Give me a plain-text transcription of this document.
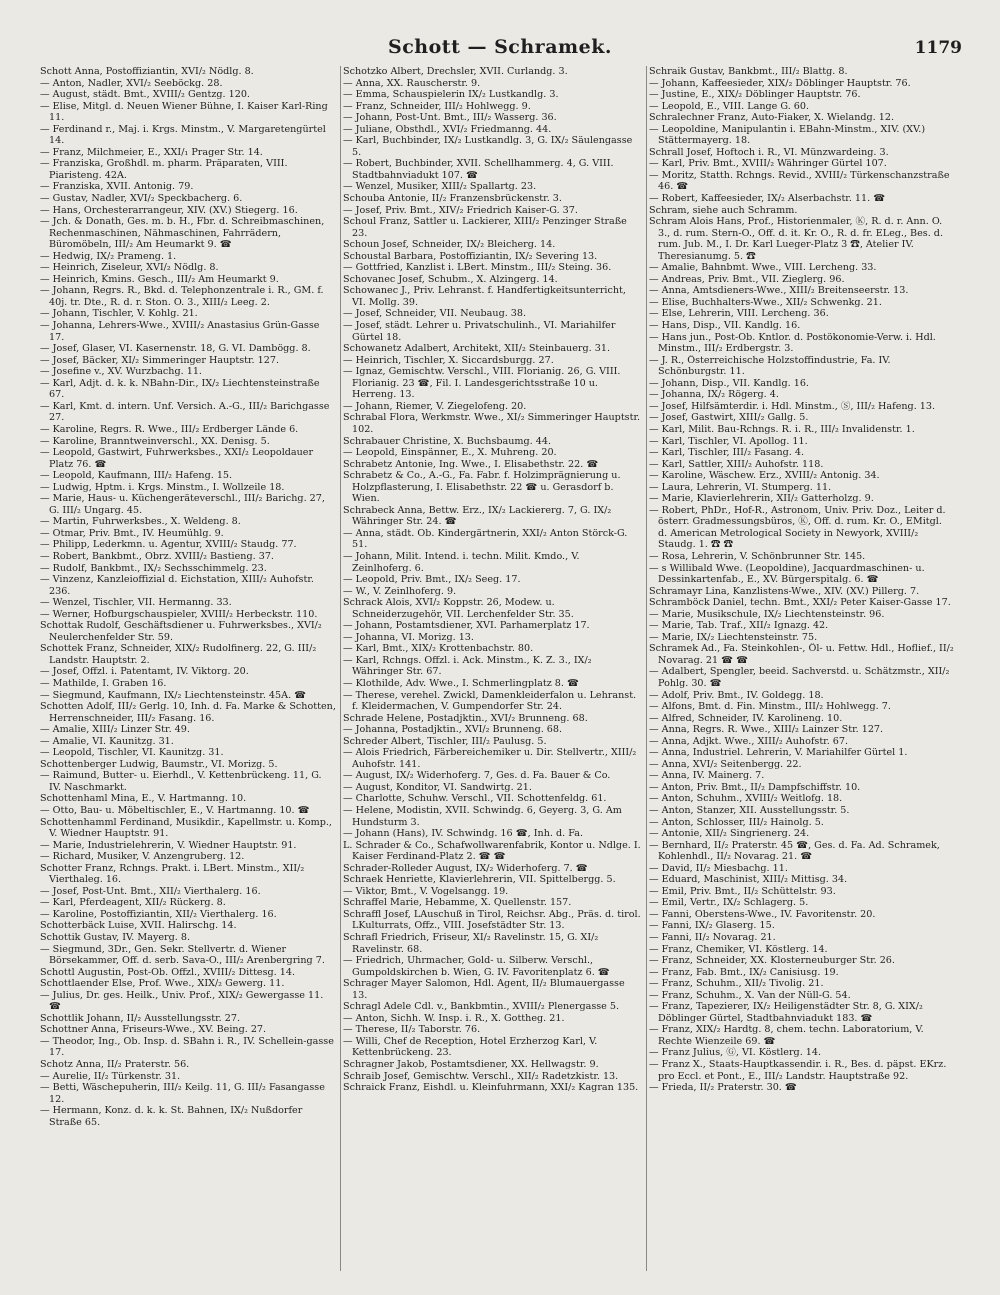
Schott — Schramek.	1179

Schott Anna, Postoffiziantin, XVI/₂ Nödlg. 8.

— Anton, Nadler, XVI/₂ Seeböckg. 28.

— August, städt. Bmt., XVIII/₂ Gentzg. 120.

— Elise, Mitgl. d. Neuen Wiener Bühne, I. Kaiser Karl-Ring 11.

— Ferdinand r., Maj. i. Krgs. Minstm., V. Margaretengürtel 14.

— Franz, Milchmeier, E., XXI/₁ Prager Str. 14.

— Franziska, Großhdl. m. pharm. Präparaten, VIII. Piaristeng. 42A.

— Franziska, XVII. Antonig. 79.

— Gustav, Nadler, XVI/₂ Speckbacherg. 6.

— Hans, Orchesterarrangeur, XIV. (XV.) Stiegerg. 16.

— Jch. & Donath, Ges. m. b. H., Fbr. d. Schreibmaschinen, Rechenmaschinen, Nähmaschinen, Fahrrädern, Büromöbeln, III/₂ Am Heumarkt 9. ☎

— Hedwig, IX/₂ Prameng. 1.

— Heinrich, Ziseleur, XVI/₂ Nödlg. 8.

— Heinrich, Kmins. Gesch., III/₂ Am Heumarkt 9.

— Johann, Regrs. R., Bkd. d. Telephonzentrale i. R., GM. f. 40j. tr. Dte., R. d. r. Ston. O. 3., XIII/₂ Leeg. 2.

— Johann, Tischler, V. Kohlg. 21.

— Johanna, Lehrers-Wwe., XVIII/₂ Anastasius Grün-Gasse 17.

— Josef, Glaser, VI. Kasernenstr. 18, G. VI. Dambögg. 8.

— Josef, Bäcker, XI/₂ Simmeringer Hauptstr. 127.

— Josefine v., XV. Wurzbachg. 11.

— Karl, Adjt. d. k. k. NBahn-Dir., IX/₂ Liechtensteinstraße 67.

— Karl, Kmt. d. intern. Unf. Versich. A.-G., III/₂ Barichgasse 27.

— Karoline, Regrs. R. Wwe., III/₂ Erdberger Lände 6.

— Karoline, Branntweinverschl., XX. Denisg. 5.

— Leopold, Gastwirt, Fuhrwerksbes., XXI/₂ Leopoldauer Platz 76. ☎

— Leopold, Kaufmann, III/₂ Hafeng. 15.

— Ludwig, Hptm. i. Krgs. Minstm., I. Wollzeile 18.

— Marie, Haus- u. Küchengeräteverschl., III/₂ Barichg. 27, G. III/₂ Ungarg. 45.

— Martin, Fuhrwerksbes., X. Weldeng. 8.

— Otmar, Priv. Bmt., IV. Heumühlg. 9.

— Philipp, Lederkmn. u. Agentur, XVIII/₂ Staudg. 77.

— Robert, Bankbmt., Obrz. XVIII/₂ Bastieng. 37.

— Rudolf, Bankbmt., IX/₂ Sechsschimmelg. 23.

— Vinzenz, Kanzleioffizial d. Eichstation, XIII/₂ Auhofstr. 236.

— Wenzel, Tischler, VII. Hermanng. 33.

— Werner, Hofburgschauspieler, XVIII/₂ Herbeckstr. 110.

Schottak Rudolf, Geschäftsdiener u. Fuhrwerksbes., XVI/₂ Neulerchenfelder Str. 59.

Schottek Franz, Schneider, XIX/₂ Rudolfinerg. 22, G. III/₂ Landstr. Hauptstr. 2.

— Josef, Offzl. i. Patentamt, IV. Viktorg. 20.

— Mathilde, I. Graben 16.

— Siegmund, Kaufmann, IX/₂ Liechtensteinstr. 45A. ☎

Schotten Adolf, III/₂ Gerlg. 10, Inh. d. Fa. Marke & Schotten, Herrenschneider, III/₂ Fasang. 16.

— Amalie, XIII/₂ Linzer Str. 49.

— Amalie, VI. Kaunitzg. 31.

— Leopold, Tischler, VI. Kaunitzg. 31.

Schottenberger Ludwig, Baumstr., VI. Morizg. 5.

— Raimund, Butter- u. Eierhdl., V. Kettenbrückeng. 11, G. IV. Naschmarkt.

Schottenhaml Mina, E., V. Hartmanng. 10.

— Otto, Bau- u. Möbeltischler, E., V. Hartmanng. 10. ☎

Schottenhamml Ferdinand, Musikdir., Kapellmstr. u. Komp., V. Wiedner Hauptstr. 91.

— Marie, Industrielehrerin, V. Wiedner Hauptstr. 91.

— Richard, Musiker, V. Anzengruberg. 12.

Schotter Franz, Rchngs. Prakt. i. LBert. Minstm., XII/₂ Vierthaleg. 16.

— Josef, Post-Unt. Bmt., XII/₂ Vierthalerg. 16.

— Karl, Pferdeagent, XII/₂ Rückerg. 8.

— Karoline, Postoffiziantin, XII/₂ Vierthalerg. 16.

Schotterbäck Luise, XVII. Halirschg. 14.

Schottik Gustav, IV. Mayerg. 8.

— Siegmund, 3Dr., Gen. Sekr. Stellvertr. d. Wiener Börsekammer, Off. d. serb. Sava-O., III/₂ Arenbergring 7.

Schottl Augustin, Post-Ob. Offzl., XVIII/₂ Dittesg. 14.

Schottlaender Else, Prof. Wwe., XIX/₂ Gewerg. 11.

— Julius, Dr. ges. Heilk., Univ. Prof., XIX/₂ Gewergasse 11. ☎

Schottlik Johann, II/₂ Ausstellungsstr. 27.

Schottner Anna, Friseurs-Wwe., XV. Being. 27.

— Theodor, Ing., Ob. Insp. d. SBahn i. R., IV. Schellein-gasse 17.

Schotz Anna, II/₂ Praterstr. 56.

— Aurelie, II/₂ Türkenstr. 31.

— Betti, Wäschepuherin, III/₂ Keilg. 11, G. III/₂ Fasangasse 12.

— Hermann, Konz. d. k. k. St. Bahnen, IX/₂ Nußdorfer Straße 65.

Schotzko Albert, Drechsler, XVII. Curlandg. 3.

— Anna, XX. Rauscherstr. 9.

— Emma, Schauspielerin IX/₂ Lustkandlg. 3.

— Franz, Schneider, III/₂ Hohlwegg. 9.

— Johann, Post-Unt. Bmt., III/₂ Wasserg. 36.

— Juliane, Obsthdl., XVI/₂ Friedmanng. 44.

— Karl, Buchbinder, IX/₂ Lustkandlg. 3, G. IX/₂ Säulengasse 5.

— Robert, Buchbinder, XVII. Schellhammerg. 4, G. VIII. Stadtbahnviadukt 107. ☎

— Wenzel, Musiker, XIII/₂ Spallartg. 23.

Schouba Antonie, II/₂ Franzensbrückenstr. 3.

— Josef, Priv. Bmt., XIV/₂ Friedrich Kaiser-G. 37.

Schoul Franz, Sattler u. Lackierer, XIII/₂ Penzinger Straße 23.

Schoun Josef, Schneider, IX/₂ Bleicherg. 14.

Schoustal Barbara, Postoffiziantin, IX/₂ Severing 13.

— Gottfried, Kanzlist i. LBert. Minstm., III/₂ Steing. 36.

Schovanec Josef, Schubm., X. Alzingerg. 14.

Schowanec J., Priv. Lehranst. f. Handfertigkeitsunterricht, VI. Mollg. 39.

— Josef, Schneider, VII. Neubaug. 38.

— Josef, städt. Lehrer u. Privatschulinh., VI. Mariahilfer Gürtel 18.

Schowanetz Adalbert, Architekt, XII/₂ Steinbauerg. 31.

— Heinrich, Tischler, X. Siccardsburgg. 27.

— Ignaz, Gemischtw. Verschl., VIII. Florianig. 26, G. VIII. Florianig. 23 ☎, Fil. I. Landesgerichtsstraße 10 u. Herreng. 13.

— Johann, Riemer, V. Ziegelofeng. 20.

Schrabal Flora, Werkmstr. Wwe., XI/₂ Simmeringer Hauptstr. 102.

Schrabauer Christine, X. Buchsbaumg. 44.

— Leopold, Einspänner, E., X. Muhreng. 20.

Schrabetz Antonie, Ing. Wwe., I. Elisabethstr. 22. ☎

Schrabetz & Co., A.-G., Fa. Fabr. f. Holzimprägnierung u. Holzpflasterung, I. Elisabethstr. 22 ☎ u. Gerasdorf b. Wien.

Schrabeck Anna, Bettw. Erz., IX/₂ Lackiererg. 7, G. IX/₂ Währinger Str. 24. ☎

— Anna, städt. Ob. Kindergärtnerin, XXI/₂ Anton Störck-G. 51.

— Johann, Milit. Intend. i. techn. Milit. Kmdo., V. Zeinlhoferg. 6.

— Leopold, Priv. Bmt., IX/₂ Seeg. 17.

— W., V. Zeinlhoferg. 9.

Schrack Alois, XVI/₂ Koppstr. 26, Modew. u. Schneiderzugehör, VII. Lerchenfelder Str. 35.

— Johann, Postamtsdiener, XVI. Parhamerplatz 17.

— Johanna, VI. Morizg. 13.

— Karl, Bmt., XIX/₂ Krottenbachstr. 80.

— Karl, Rchngs. Offzl. i. Ack. Minstm., K. Z. 3., IX/₂ Währinger Str. 67.

— Klothilde, Adv. Wwe., I. Schmerlingplatz 8. ☎

— Therese, verehel. Zwickl, Damenkleiderfalon u. Lehranst. f. Kleidermachen, V. Gumpendorfer Str. 24.

Schrade Helene, Postadjktin., XVI/₂ Brunneng. 68.

— Johanna, Postadjktin., XVI/₂ Brunneng. 68.

Schreder Albert, Tischler, III/₂ Paulusg. 5.

— Alois Friedrich, Färbereichemiker u. Dir. Stellvertr., XIII/₂ Auhofstr. 141.

— August, IX/₂ Widerhoferg. 7, Ges. d. Fa. Bauer & Co.

— August, Konditor, VI. Sandwirtg. 21.

— Charlotte, Schuhw. Verschl., VII. Schottenfeldg. 61.

— Helene, Modistin, XVII. Schwindg. 6, Geyerg. 3, G. Am Hundsturm 3.

— Johann (Hans), IV. Schwindg. 16 ☎, Inh. d. Fa.

L. Schrader & Co., Schafwollwarenfabrik, Kontor u. Ndlge. I. Kaiser Ferdinand-Platz 2. ☎ ☎

Schrader-Rolleder August, IX/₂ Widerhoferg. 7. ☎

Schraek Henriette, Klavierlehrerin, VII. Spittelbergg. 5.

— Viktor, Bmt., V. Vogelsangg. 19.

Schraffel Marie, Hebamme, X. Quellenstr. 157.

Schraffl Josef, LAuschuß in Tirol, Reichsr. Abg., Präs. d. tirol. LKulturrats, Offz., VIII. Josefstädter Str. 13.

Schrafl Friedrich, Friseur, XI/₂ Ravelinstr. 15, G. XI/₂ Ravelinstr. 68.

— Friedrich, Uhrmacher, Gold- u. Silberw. Verschl., Gumpoldskirchen b. Wien, G. IV. Favoritenplatz 6. ☎

Schrager Mayer Salomon, Hdl. Agent, II/₂ Blumauergasse 13.

Schragl Adele Cdl. v., Bankbmtin., XVIII/₂ Plenergasse 5.

— Anton, Sichh. W. Insp. i. R., X. Gottheg. 21.

— Therese, II/₂ Taborstr. 76.

— Willi, Chef de Reception, Hotel Erzherzog Karl, V. Kettenbrückeng. 23.

Schragner Jakob, Postamtsdiener, XX. Hellwagstr. 9.

Schraib Josef, Gemischtw. Verschl., XII/₂ Radetzkistr. 13.

Schraick Franz, Eishdl. u. Kleinfuhrmann, XXI/₂ Kagran 135.

Schraik Gustav, Bankbmt., III/₂ Blattg. 8.

— Johann, Kaffeesieder, XIX/₂ Döblinger Hauptstr. 76.

— Justine, E., XIX/₂ Döblinger Hauptstr. 76.

— Leopold, E., VIII. Lange G. 60.

Schralechner Franz, Auto-Fiaker, X. Wielandg. 12.

— Leopoldine, Manipulantin i. EBahn-Minstm., XIV. (XV.) Stättermayerg. 18.

Schrall Josef, Hoftoch i. R., VI. Münzwardeing. 3.

— Karl, Priv. Bmt., XVIII/₂ Währinger Gürtel 107.

— Moritz, Statth. Rchngs. Revid., XVIII/₂ Türkenschanzstraße 46. ☎

— Robert, Kaffeesieder, IX/₂ Alserbachstr. 11. ☎

Schram, siehe auch Schramm.

Schram Alois Hans, Prof., Historienmaler, Ⓚ, R. d. r. Ann. O. 3., d. rum. Stern-O., Off. d. it. Kr. O., R. d. fr. ELeg., Bes. d. rum. Jub. M., I. Dr. Karl Lueger-Platz 3 ☎, Atelier IV. Theresianumg. 5. ☎

— Amalie, Bahnbmt. Wwe., VIII. Lercheng. 33.

— Andreas, Priv. Bmt., VII. Zieglerg. 96.

— Anna, Amtsdieners-Wwe., XIII/₂ Breitenseerstr. 13.

— Elise, Buchhalters-Wwe., XII/₂ Schwenkg. 21.

— Else, Lehrerin, VIII. Lercheng. 36.

— Hans, Disp., VII. Kandlg. 16.

— Hans jun., Post-Ob. Kntlor. d. Postökonomie-Verw. i. Hdl. Minstm., III/₂ Erdbergstr. 3.

— J. R., Österreichische Holzstoffindustrie, Fa. IV. Schönburgstr. 11.

— Johann, Disp., VII. Kandlg. 16.

— Johanna, IX/₂ Rögerg. 4.

— Josef, Hilfsämterdir. i. Hdl. Minstm., Ⓢ, III/₂ Hafeng. 13.

— Josef, Gastwirt, XIII/₂ Gallg. 5.

— Karl, Milit. Bau-Rchngs. R. i. R., III/₂ Invalidenstr. 1.

— Karl, Tischler, VI. Apollog. 11.

— Karl, Tischler, III/₂ Fasang. 4.

— Karl, Sattler, XIII/₂ Auhofstr. 118.

— Karoline, Wäschew. Erz., XVIII/₂ Antonig. 34.

— Laura, Lehrerin, VI. Stumperg. 11.

— Marie, Klavierlehrerin, XII/₂ Gatterholzg. 9.

— Robert, PhDr., Hof-R., Astronom, Univ. Priv. Doz., Leiter d. österr. Gradmessungsbüros, Ⓚ, Off. d. rum. Kr. O., EMitgl. d. American Metrological Society in Newyork, XVIII/₂ Staudg. 1. ☎ ☎

— Rosa, Lehrerin, V. Schönbrunner Str. 145.

— s Willibald Wwe. (Leopoldine), Jacquardmaschinen- u. Dessinkartenfab., E., XV. Bürgerspitalg. 6. ☎

Schramayr Lina, Kanzlistens-Wwe., XIV. (XV.) Pillerg. 7.

Schramböck Daniel, techn. Bmt., XXI/₂ Peter Kaiser-Gasse 17.

— Marie, Musikschule, IX/₂ Liechtensteinstr. 96.

— Marie, Tab. Traf., XII/₂ Ignazg. 42.

— Marie, IX/₂ Liechtensteinstr. 75.

Schramek Ad., Fa. Steinkohlen-, Öl- u. Fettw. Hdl., Hoflief., II/₂ Novarag. 21 ☎ ☎

— Adalbert, Spengler, beeid. Sachverstd. u. Schätzmstr., XII/₂ Pohlg. 30. ☎

— Adolf, Priv. Bmt., IV. Goldegg. 18.

— Alfons, Bmt. d. Fin. Minstm., III/₂ Hohlwegg. 7.

— Alfred, Schneider, IV. Karolineng. 10.

— Anna, Regrs. R. Wwe., XIII/₂ Lainzer Str. 127.

— Anna, Adjkt. Wwe., XIII/₂ Auhofstr. 67.

— Anna, Industriel. Lehrerin, V. Mariahilfer Gürtel 1.

— Anna, XVI/₂ Seitenbergg. 22.

— Anna, IV. Mainerg. 7.

— Anton, Priv. Bmt., II/₂ Dampfschiffstr. 10.

— Anton, Schuhm., XVIII/₂ Weitlofg. 18.

— Anton, Stanzer, XII. Ausstellungsstr. 5.

— Anton, Schlosser, III/₂ Hainolg. 5.

— Antonie, XII/₂ Singrienerg. 24.

— Bernhard, II/₂ Praterstr. 45 ☎, Ges. d. Fa. Ad. Schramek, Kohlenhdl., II/₂ Novarag. 21. ☎

— David, II/₂ Miesbachg. 11.

— Eduard, Maschinist, XIII/₂ Mittisg. 34.

— Emil, Priv. Bmt., II/₂ Schüttelstr. 93.

— Emil, Vertr., IX/₂ Schlagerg. 5.

— Fanni, Oberstens-Wwe., IV. Favoritenstr. 20.

— Fanni, IX/₂ Glaserg. 15.

— Fanni, II/₂ Novarag. 21.

— Franz, Chemiker, VI. Köstlerg. 14.

— Franz, Schneider, XX. Klosterneuburger Str. 26.

— Franz, Fab. Bmt., IX/₂ Canisiusg. 19.

— Franz, Schuhm., XII/₂ Tivolig. 21.

— Franz, Schuhm., X. Van der Nüll-G. 54.

— Franz, Tapezierer, IX/₂ Heiligenstädter Str. 8, G. XIX/₂ Döblinger Gürtel, Stadtbahnviadukt 183. ☎

— Franz, XIX/₂ Hardtg. 8, chem. techn. Laboratorium, V. Rechte Wienzeile 69. ☎

— Franz Julius, Ⓖ, VI. Köstlerg. 14.

— Franz X., Staats-Hauptkassendir. i. R., Bes. d. päpst. EKrz. pro Eccl. et Pont., E., III/₂ Landstr. Hauptstraße 92.

— Frieda, II/₂ Praterstr. 30. ☎
